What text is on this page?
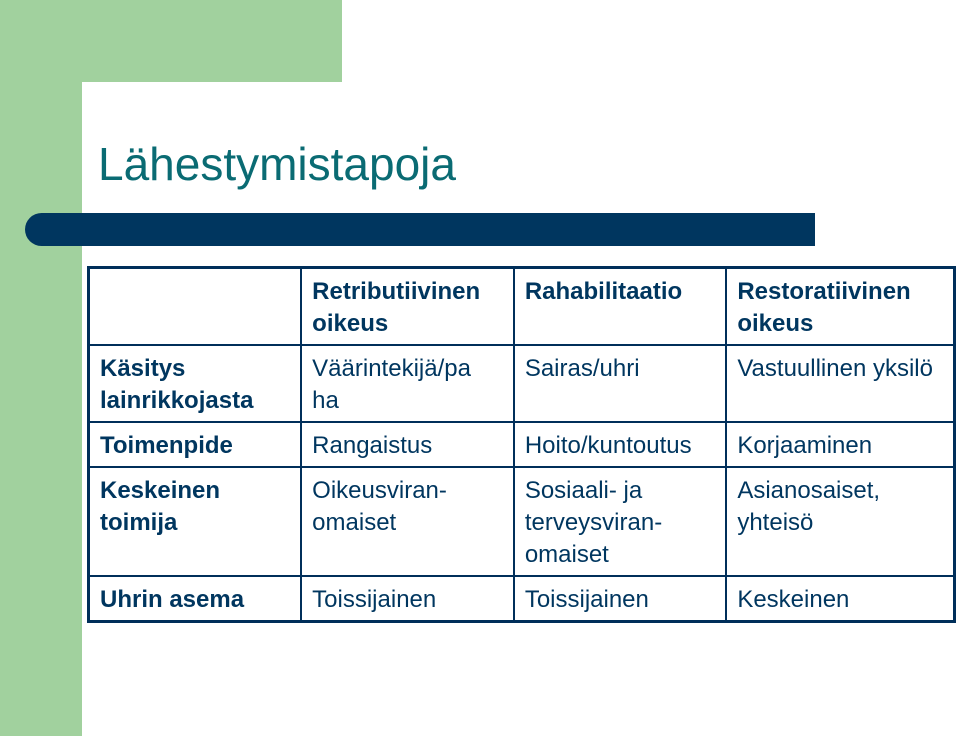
Lähestymistapoja
	Retributiivinen oikeus	Rahabilitaatio	Restoratiivinen oikeus
Käsitys lainrikkojasta	Väärintekijä/pa ha	Sairas/uhri	Vastuullinen yksilö
Toimenpide	Rangaistus	Hoito/kuntoutus	Korjaaminen
Keskeinen toimija	Oikeusviran- omaiset	Sosiaali- ja terveysviran- omaiset	Asianosaiset, yhteisö
Uhrin asema	Toissijainen	Toissijainen	Keskeinen
